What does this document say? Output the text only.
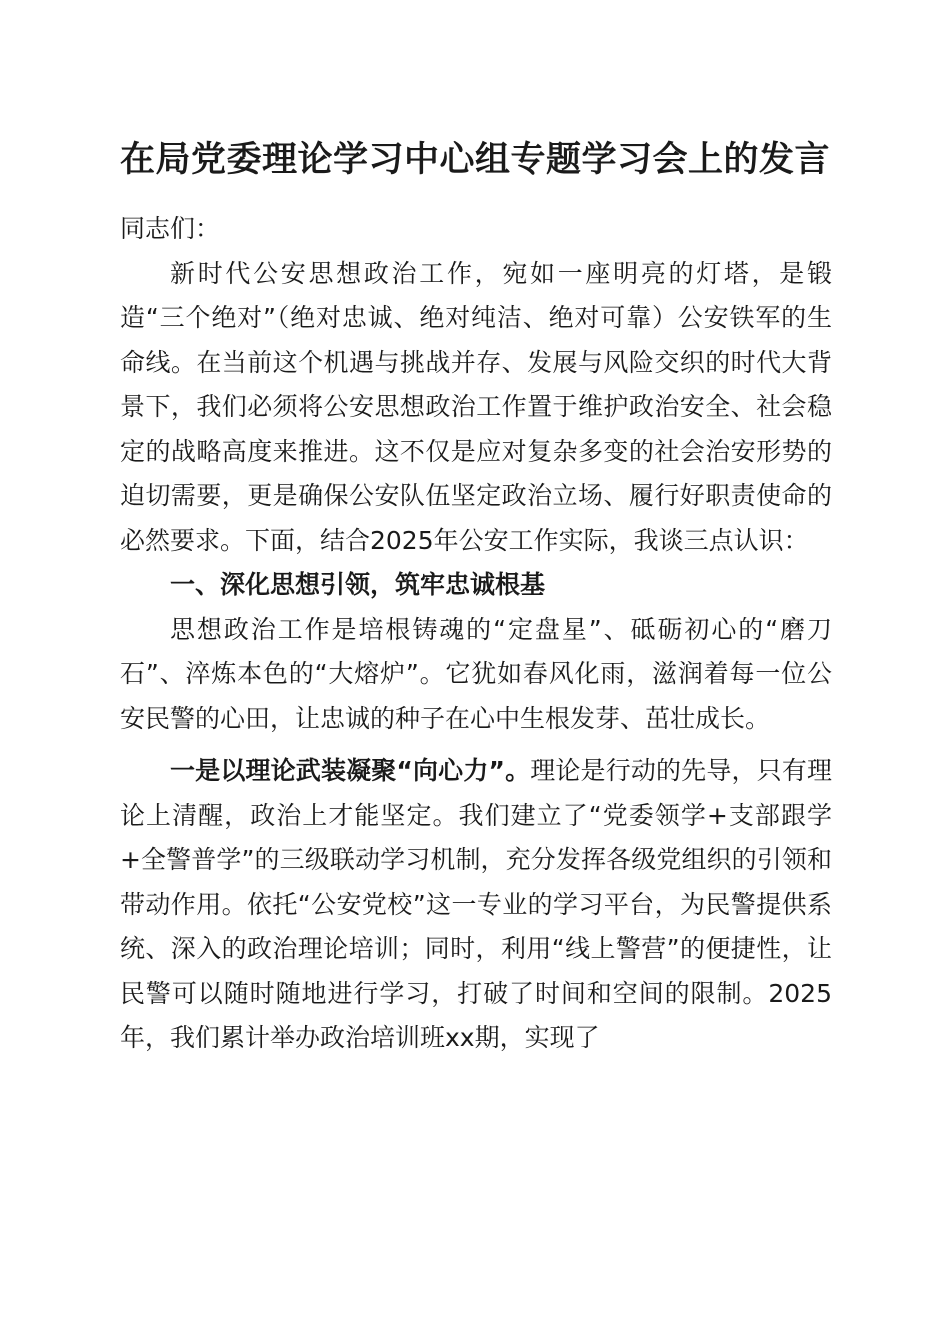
在局党委理论学习中心组专题学习会上的发言

同志们：

新时代公安思想政治工作，宛如一座明亮的灯塔，是锻造“三个绝对”（绝对忠诚、绝对纯洁、绝对可靠）公安铁军的生命线。在当前这个机遇与挑战并存、发展与风险交织的时代大背景下，我们必须将公安思想政治工作置于维护政治安全、社会稳定的战略高度来推进。这不仅是应对复杂多变的社会治安形势的迫切需要，更是确保公安队伍坚定政治立场、履行好职责使命的必然要求。下面，结合2025年公安工作实际，我谈三点认识：

一、深化思想引领，筑牢忠诚根基

思想政治工作是培根铸魂的“定盘星”、砥砺初心的“磨刀石”、淬炼本色的“大熔炉”。它犹如春风化雨，滋润着每一位公安民警的心田，让忠诚的种子在心中生根发芽、茁壮成长。

一是以理论武装凝聚“向心力”。理论是行动的先导，只有理论上清醒，政治上才能坚定。我们建立了“党委领学+支部跟学+全警普学”的三级联动学习机制，充分发挥各级党组织的引领和带动作用。依托“公安党校”这一专业的学习平台，为民警提供系统、深入的政治理论培训；同时，利用“线上警营”的便捷性，让民警可以随时随地进行学习，打破了时间和空间的限制。2025年，我们累计举办政治培训班xx期，实现了
